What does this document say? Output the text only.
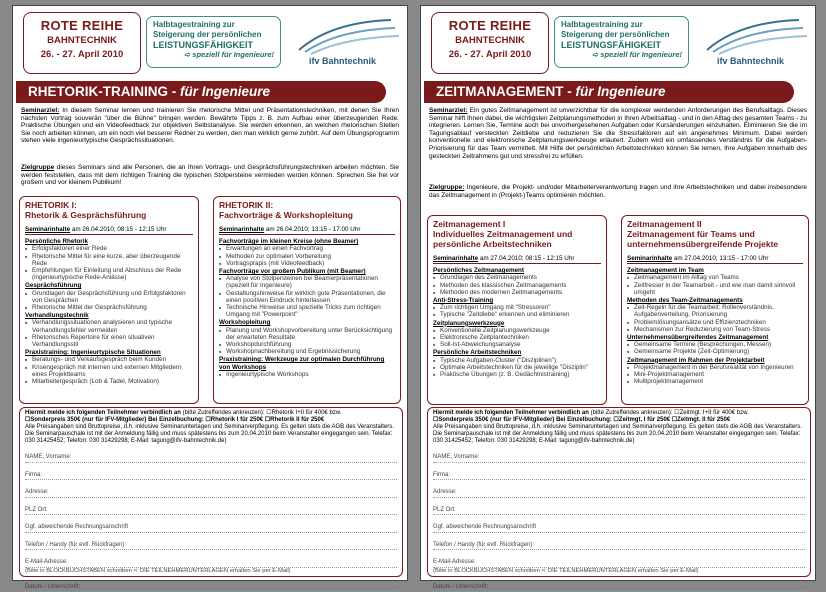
ROTE REIHE
BAHNTECHNIK
26. - 27. April 2010
Halbtagestraining zur
Steigerung der persönlichen
LEISTUNGSFÄHIGKEIT
➪ speziell für Ingenieure!
ifv Bahntechnik
RHETORIK-TRAINING - für Ingenieure
Seminarziel: In diesem Seminar lernen und trainieren Sie rhetorische Mittel und Präsentationstechniken, mit denen Sie Ihren nächsten Vortrag souverän "über die Bühne" bringen werden. Bewährte Tipps z. B. zum Aufbau einer überzeugenden Rede. Praktische Übungen und ein Videofeedback zur objektiven Selbstanalyse. Sie werden erkennen, an welchen rhetorischen Stellen Sie noch arbeiten können, um ein noch viel besserer Redner zu werden, den man wirklich gerne zuhört. Auf dem Übungsprogramm stehen viele ingenieurtypische Gesprächssituationen.
Zielgruppe dieses Seminars sind alle Personen, die an Ihren Vortrags- und Gesprächsführungstechniken arbeiten möchten. Sie werden feststellen, dass mit dem richtigen Training die typischen Stolpersteine vermieden werden können. Sprechen Sie frei vor großem und vor kleinem Publikum!
RHETORIK I:
Rhetorik & Gesprächsführung
Seminarinhalte am 26.04.2010; 08:15 - 12:15 Uhr
Persönliche Rhetorik
■ Erfolgsfaktoren einer Rede
■ Rhetorische Mittel für eine kurze, aber überzeugende Rede
■ Empfehlungen für Einleitung und Abschluss der Rede (ingenieurtypische Rede-Anlässe)
Gesprächsführung
■ Grundlagen der Gesprächsführung und Erfolgsfaktoren von Gesprächen
■ Rhetorische Mittel der Gesprächsführung
Verhandlungstechnik
■ Verhandlungssituationen analysieren und typische Verhandlungsfehler vermeiden
■ Rhetorisches Repertoire für einen situativen Verhandlungsstil
Praxistraining: Ingenieurtypische Situationen
■ Beratungs- und Verkaufsgespräch beim Kunden
■ Krisengespräch mit internen und externen Mitgliedern eines Projektteams
■ Mitarbeitergespräch (Lob & Tadel, Motivation)
RHETORIK II:
Fachvorträge & Workshopleitung
Seminarinhalte am 26.04.2010; 13:15 - 17:00 Uhr
Fachvorträge im kleinen Kreise (ohne Beamer)
■ Erwartungen an einen Fachvortrag
■ Methoden zur optimalen Vorbereitung
■ Vortragsprapis (mit Videofeedback)
Fachvorträge vor großem Publikum (mit Beamer)
■ Analyse von Stolpersteinen bei Beamerpräsentationen (speziell für Ingenieure)
■ Gestaltungshinweise für wirklich gute Präsentationen, die einen positiven Eindruck hinterlassen
■ Technische Hinweise und spezielle Tricks zum richtigen Umgang mit "Powerpoint"
Workshopleitung
■ Planung und Workshopvorbereitung unter Berücksichtigung der erwarteten Resultate
■ Workshopdurchführung
■ Workshopnachbereitung und Ergebnissicherung
Praxistraining: Werkzeuge zur optimalen Durchführung von Workshops
■ Ingenieurtypische Workshops
Hiermit melde ich folgenden Teilnehmer verbindlich an (bitte Zutreffendes ankreuzen): ☐Rhetorik I+II für 400€ bzw.
☐Sonderpreis 350€ (nur für IFV-Mitglieder) Bei Einzelbuchung: ☐Rhetorik I für 250€ ☐Rhetorik II für 250€
Alle Preisangaben sind Bruttopreise, d.h. inklusive Seminarunterlagen und Seminarverpflegung. Es gelten stets die AGB des Veranstalters. Die Seminarpauschale ist mit der Anmeldung fällig und muss spätestens bis zum 20.04.2010 beim Veranstalter eingegangen sein. Telefax: 030 31425452; Telefon: 030 31429298; E-Mail: tagung@ifv-bahntechnik.de)
NAME, Vorname:
Firma:
Adresse:
PLZ Ort:
Ggf. abweichende Rechnungsanschrift
Telefon / Handy (für evtl. Rückfragen):
E-Mail-Adresse:
(Bitte in BLOCKBUCHSTABEN schreiben ➪ DIE TEILNEHMERUNTERLAGEN erhalten Sie per E-Mail)
Datum / Unterschrift:
ROTE REIHE
BAHNTECHNIK
26. - 27. April 2010
Halbtagestraining zur
Steigerung der persönlichen
LEISTUNGSFÄHIGKEIT
➪ speziell für Ingenieure!
ifv Bahntechnik
ZEITMANAGEMENT - für Ingenieure
Seminarziel: Ein gutes Zeitmanagement ist unverzichtbar für die komplexer werdenden Anforderungen des Berufsalltags. Dieses Seminar hilft Ihnen dabei, die wichtigsten Zeitplanungsmethoden in Ihren Arbeitsalltag - und in den Alltag des gesamten Teams - zu integrieren. Lernen Sie, Termine auch bei unvorhergesehenen Aufgaben oder Kursänderungen einzuhalten. Eliminieren Sie die im Tagungsablauf versteckten Zeitdiebe und reduzieren Sie die Stressfaktoren auf ein angenehmes Minimum. Dabei werden konventionelle und elektronische Zeitplanungswerkzeuge erläutert. Zudem wird ein umfassendes Verständnis für die Aufgaben-Priorisierung für das Team vermittelt. Mit Hilfe der persönlichen Arbeitstechniken können Sie lernen, Ihre Aufgaben innerhalb des gesteckten Zeitrahmens gut und stressfrei zu erfüllen.
Zielgruppe: Ingenieure, die Projekt- und/oder Mitarbeiterverantwortung tragen und ihre Arbeitstechniken und dabei insbesondere das Zeitmanagement in (Projekt-)Teams optimieren möchten.
Zeitmanagement I
Individuelles Zeitmanagement und persönliche Arbeitstechniken
Seminarinhalte am 27.04.2010; 08:15 - 12:15 Uhr
Persönliches Zeitmanagement
■ Grundlagen des Zeitmanagements
■ Methoden des klassischen Zeitmanagements
■ Methoden des modernen Zeitmanagements
Anti-Stress-Training
■ Zum richtigen Umgang mit "Stressoren"
■ Typische "Zeitdiebe" erkennen und eliminieren
Zeitplanungswerkzeuge
■ Konventionelle Zeitplanungswerkzeuge
■ Elektronische Zeitplantechniken
■ Soll-Ist-Abweichungsanalyse
Persönliche Arbeitstechniken
■ Typische Aufgaben-Cluster ("Disziplinen")
■ Optimale Arbeitstechniken für die jeweilige "Disziplin"
■ Praktische Übungen (z. B. Gedächtnistraining)
Zeitmanagement II
Zeitmanagement für Teams und unternehmensübergreifende Projekte
Seminarinhalte am 27.04.2010; 13:15 - 17:00 Uhr
Zeitmanagement im Team
■ Zeitmanagement im Alltag von Teams
■ Zeitfresser in der Teamarbeit - und wie man damit sinnvoll umgeht
Methoden des Team-Zeitmanagements
■ Zeit-Regeln für die Teamarbeit: Rollenverständnis, Aufgabenverteilung, Priorisierung
■ Problemlösungsansätze und Effizienztechniken
■ Mechanismen zur Reduzierung von Team-Stress
Unternehmensübergreifendes Zeitmanagement
■ Gemeinsame Termine (Besprechungen, Messen)
■ Gemeinsame Projekte (Zeit-Optimierung)
Zeitmanagement im Rahmen der Projektarbeit
■ Projektmanagement in der Berufsrealität von Ingenieuren
■ Mini-Projektmanagement
■ Multiprojektmanagement
Hiermit melde ich folgenden Teilnehmer verbindlich an (bitte Zutreffendes ankreuzen): ☐Zeitmgt. I+II für 400€ bzw.
☐Sonderpreis 350€ (nur für IFV-Mitglieder) Bei Einzelbuchung: ☐Zeitmgt. I für 250€ ☐Zeitmgt. II für 250€
Alle Preisangaben sind Bruttopreise, d.h. inklusive Seminarunterlagen und Seminarverpflegung. Es gelten stets die AGB des Veranstalters. Die Seminarpauschale ist mit der Anmeldung fällig und muss spätestens bis zum 20.04.2010 beim Veranstalter eingegangen sein. Telefax: 030 31425452; Telefon: 030 31429298; E-Mail: tagung@ifv-bahntechnik.de)
NAME, Vorname:
Firma:
Adresse:
PLZ Ort:
Ggf. abweichende Rechnungsanschrift
Telefon / Handy (für evtl. Rückfragen):
E-Mail-Adresse:
(Bitte in BLOCKBUCHSTABEN schreiben ➪ DIE TEILNEHMERUNTERLAGEN erhalten Sie per E-Mail)
Datum / Unterschrift:
